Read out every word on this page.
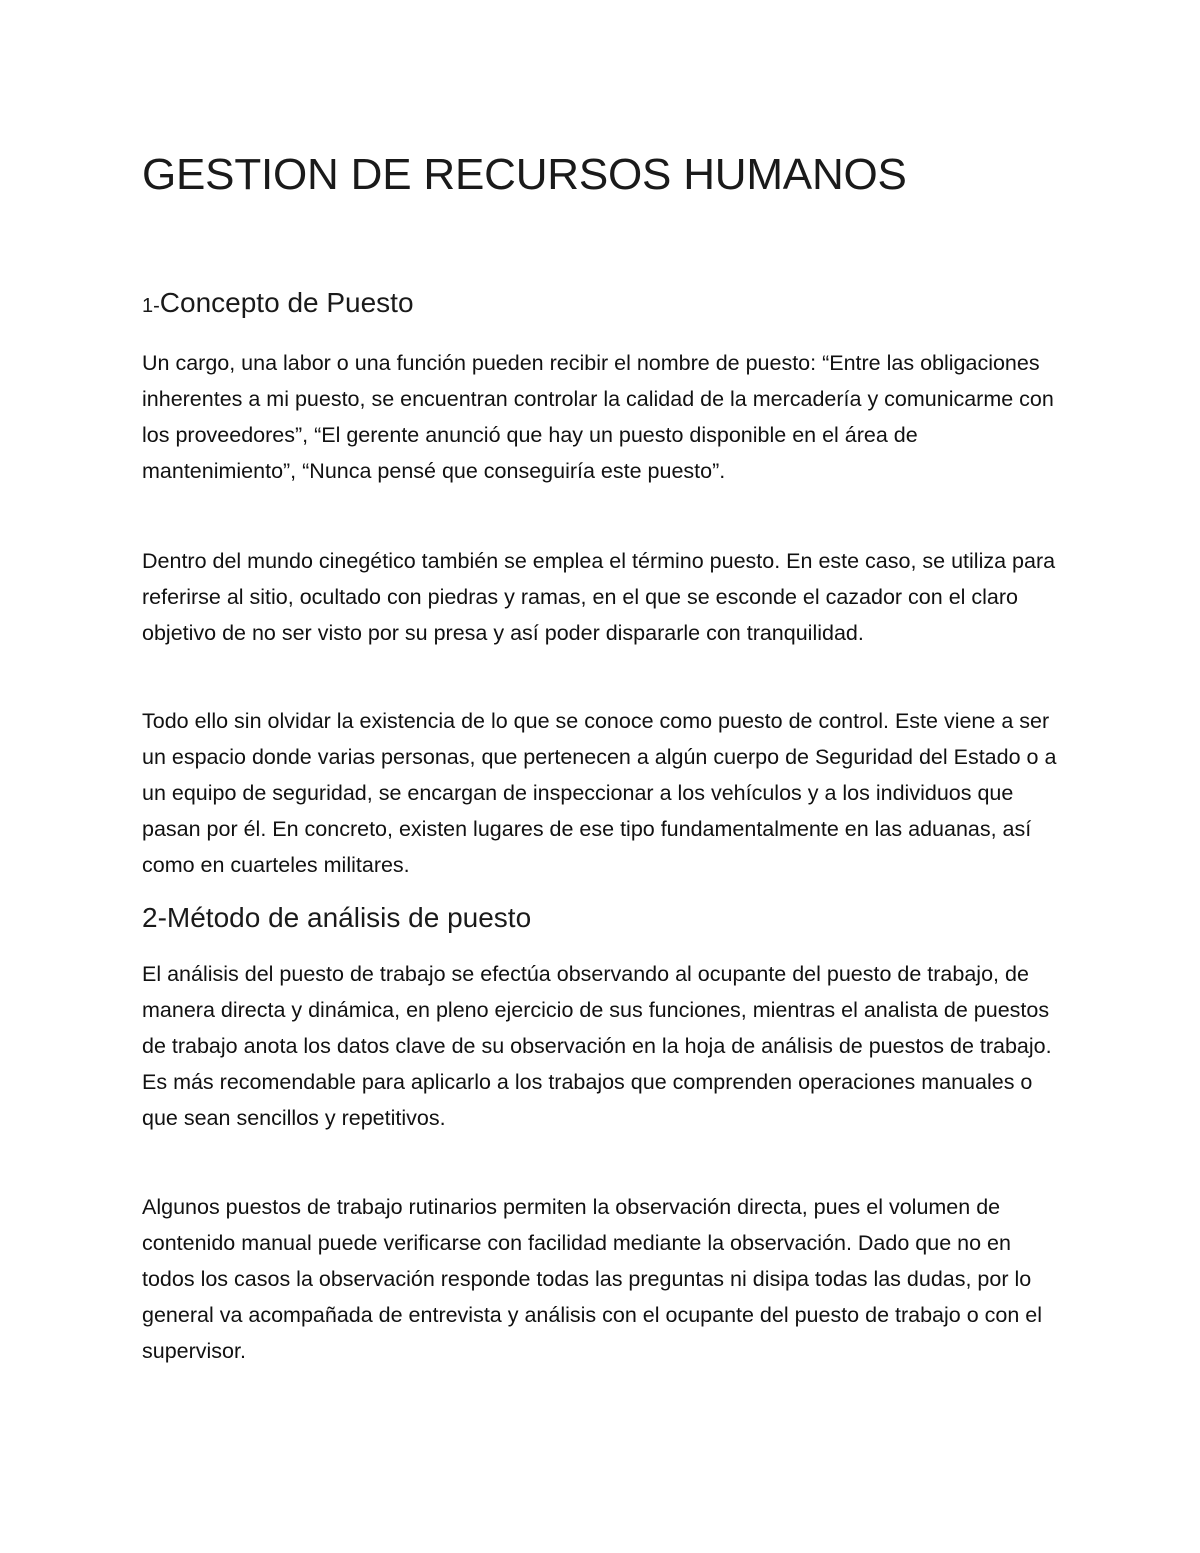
GESTION DE RECURSOS HUMANOS
1-Concepto de Puesto

Un cargo, una labor o una función pueden recibir el nombre de puesto: “Entre las obligaciones inherentes a mi puesto, se encuentran controlar la calidad de la mercadería y comunicarme con los proveedores”, “El gerente anunció que hay un puesto disponible en el área de mantenimiento”, “Nunca pensé que conseguiría este puesto”.

Dentro del mundo cinegético también se emplea el término puesto. En este caso, se utiliza para referirse al sitio, ocultado con piedras y ramas, en el que se esconde el cazador con el claro objetivo de no ser visto por su presa y así poder dispararle con tranquilidad.

Todo ello sin olvidar la existencia de lo que se conoce como puesto de control. Este viene a ser un espacio donde varias personas, que pertenecen a algún cuerpo de Seguridad del Estado o a un equipo de seguridad, se encargan de inspeccionar a los vehículos y a los individuos que pasan por él. En concreto, existen lugares de ese tipo fundamentalmente en las aduanas, así como en cuarteles militares.

2-Método de análisis de puesto

El análisis del puesto de trabajo se efectúa observando al ocupante del puesto de trabajo, de manera directa y dinámica, en pleno ejercicio de sus funciones, mientras el analista de puestos de trabajo anota los datos clave de su observación en la hoja de análisis de puestos de trabajo. Es más recomendable para aplicarlo a los trabajos que comprenden operaciones manuales o que sean sencillos y repetitivos.

Algunos puestos de trabajo rutinarios permiten la observación directa, pues el volumen de contenido manual puede verificarse con facilidad mediante la observación. Dado que no en todos los casos la observación responde todas las preguntas ni disipa todas las dudas, por lo general va acompañada de entrevista y análisis con el ocupante del puesto de trabajo o con el supervisor.
